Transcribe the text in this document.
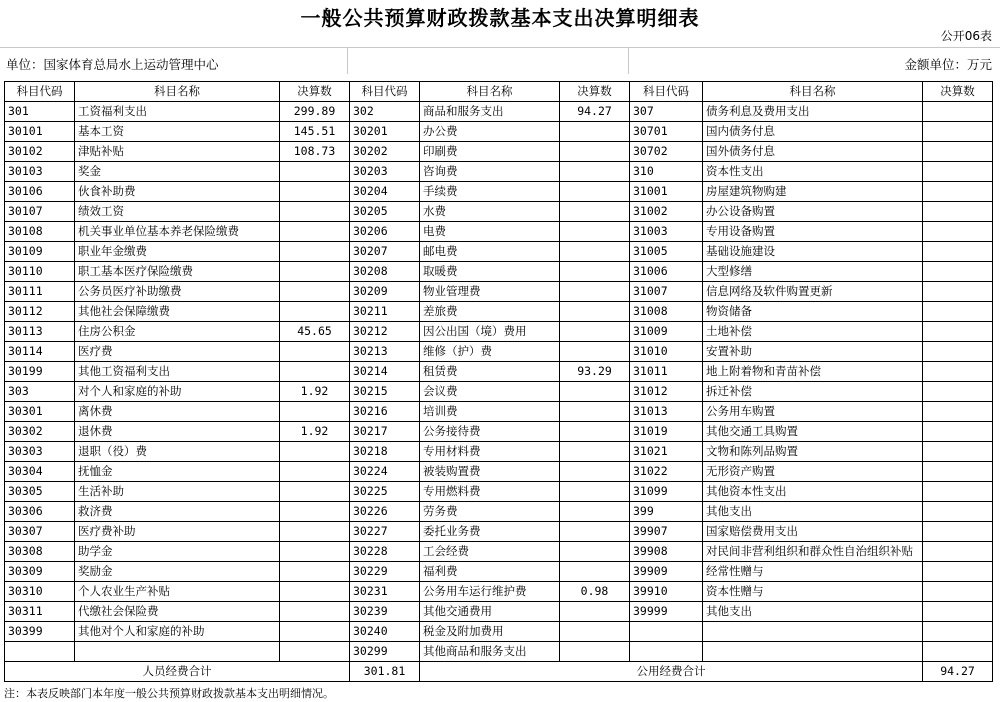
一般公共预算财政拨款基本支出决算明细表
公开06表
单位：国家体育总局水上运动管理中心	金额单位：万元
科目代码	科目名称	决算数	科目代码	科目名称	决算数	科目代码	科目名称	决算数
301	工资福利支出	299.89	302	商品和服务支出	94.27	307	债务利息及费用支出	
30101	基本工资	145.51	30201	办公费		30701	国内债务付息	
30102	津贴补贴	108.73	30202	印刷费		30702	国外债务付息	
30103	奖金		30203	咨询费		310	资本性支出	
30106	伙食补助费		30204	手续费		31001	房屋建筑物购建	
30107	绩效工资		30205	水费		31002	办公设备购置	
30108	机关事业单位基本养老保险缴费		30206	电费		31003	专用设备购置	
30109	职业年金缴费		30207	邮电费		31005	基础设施建设	
30110	职工基本医疗保险缴费		30208	取暖费		31006	大型修缮	
30111	公务员医疗补助缴费		30209	物业管理费		31007	信息网络及软件购置更新	
30112	其他社会保障缴费		30211	差旅费		31008	物资储备	
30113	住房公积金	45.65	30212	因公出国（境）费用		31009	土地补偿	
30114	医疗费		30213	维修（护）费		31010	安置补助	
30199	其他工资福利支出		30214	租赁费	93.29	31011	地上附着物和青苗补偿	
303	对个人和家庭的补助	1.92	30215	会议费		31012	拆迁补偿	
30301	离休费		30216	培训费		31013	公务用车购置	
30302	退休费	1.92	30217	公务接待费		31019	其他交通工具购置	
30303	退职（役）费		30218	专用材料费		31021	文物和陈列品购置	
30304	抚恤金		30224	被装购置费		31022	无形资产购置	
30305	生活补助		30225	专用燃料费		31099	其他资本性支出	
30306	救济费		30226	劳务费		399	其他支出	
30307	医疗费补助		30227	委托业务费		39907	国家赔偿费用支出	
30308	助学金		30228	工会经费		39908	对民间非营利组织和群众性自治组织补贴	
30309	奖励金		30229	福利费		39909	经常性赠与	
30310	个人农业生产补贴		30231	公务用车运行维护费	0.98	39910	资本性赠与	
30311	代缴社会保险费		30239	其他交通费用		39999	其他支出	
30399	其他对个人和家庭的补助		30240	税金及附加费用				
			30299	其他商品和服务支出				
人员经费合计			301.81	公用经费合计				94.27
注：本表反映部门本年度一般公共预算财政拨款基本支出明细情况。
